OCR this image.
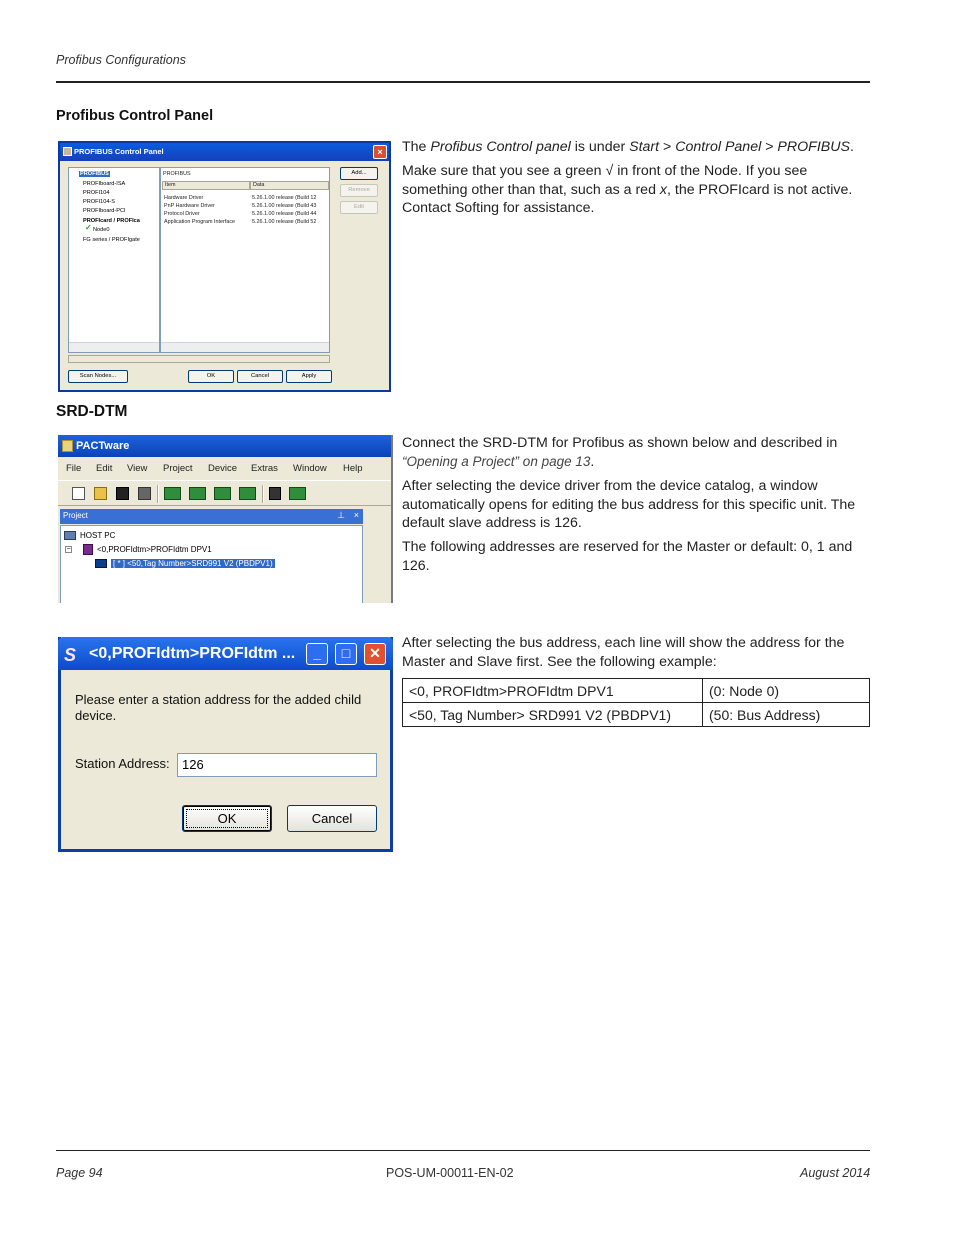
Profibus Configurations
Profibus Control Panel
PROFIBUS Control Panel	×
PROFIBUS
PROFIboard-ISA
PROFI104
PROFI104-S
PROFIboard-PCI
PROFIcard / PROFIca
✓ Node0
FG series / PROFIgate
PROFIBUS
Item	Data
Hardware Driver	5.26.1.00 release (Build 12
PnP Hardware Driver	5.26.1.00 release (Build 43
Protocol Driver	5.26.1.00 release (Build 44
Application Program Interface	5.26.1.00 release (Build 52
Add...
Remove
Edit
Scan Nodes...	OK	Cancel	Apply
The Profibus Control panel is under Start > Control Panel > PROFIBUS.
Make sure that you see a green √ in front of the Node. If you see something other than that, such as a red x, the PROFIcard is not active. Contact Softing for assistance.
SRD-DTM
PACTware
File Edit View Project Device Extras Window Help
Project	⊥ ×
HOST PC
−	<0,PROFIdtm>PROFIdtm DPV1
[ * ] <50,Tag Number>SRD991 V2 (PBDPV1)
Connect the SRD-DTM for Profibus as shown below and described in
“Opening a Project” on page 13.
After selecting the device driver from the device catalog, a window automatically opens for editing the bus address for this specific unit. The default slave address is 126.
The following addresses are reserved for the Master or default: 0, 1 and 126.
S <0,PROFIdtm>PROFIdtm ...	_	□	✕
Please enter a station address for the added child device.
Station Address: 126
OK	Cancel
After selecting the bus address, each line will show the address for the Master and Slave first. See the following example:
<0, PROFIdtm>PROFIdtm DPV1	(0: Node 0)
<50, Tag Number> SRD991 V2 (PBDPV1)	(50: Bus Address)
Page 94	POS-UM-00011-EN-02	August 2014
